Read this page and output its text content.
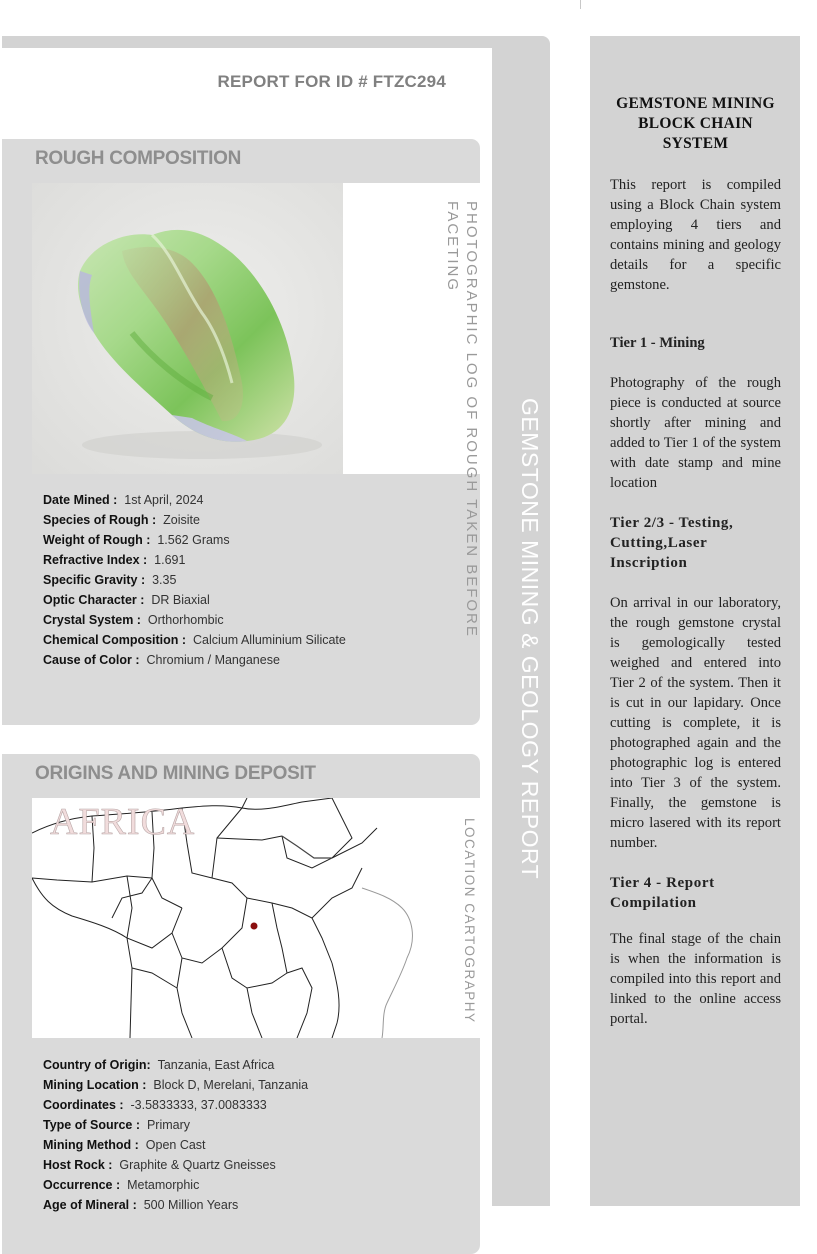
REPORT FOR ID # FTZC294
ROUGH COMPOSITION
PHOTOGRAPHIC LOG OF ROUGH TAKEN BEFORE FACETING
Date Mined : 1st April, 2024
Species of Rough : Zoisite
Weight of Rough : 1.562 Grams
Refractive Index : 1.691
Specific Gravity : 3.35
Optic Character : DR Biaxial
Crystal System : Orthorhombic
Chemical Composition : Calcium Alluminium Silicate
Cause of Color : Chromium / Manganese
ORIGINS AND MINING DEPOSIT
AFRICA	LOCATION CARTOGRAPHY
Country of Origin: Tanzania, East Africa
Mining Location : Block D, Merelani, Tanzania
Coordinates : -3.5833333, 37.0083333
Type of Source : Primary
Mining Method : Open Cast
Host Rock : Graphite & Quartz Gneisses
Occurrence : Metamorphic
Age of Mineral : 500 Million Years
GEMSTONE MINING & GEOLOGY REPORT
GEMSTONE MINING BLOCK CHAIN SYSTEM

This report is compiled using a Block Chain system employing 4 tiers and contains mining and geology details for a specific gemstone.

Tier 1 - Mining

Photography of the rough piece is conducted at source shortly after mining and added to Tier 1 of the system with date stamp and mine location

Tier 2/3 - Testing, Cutting,Laser Inscription

On arrival in our laboratory, the rough gemstone crystal is gemologically tested weighed and entered into Tier 2 of the system. Then it is cut in our lapidary. Once cutting is complete, it is photographed again and the photographic log is entered into Tier 3 of the system. Finally, the gemstone is micro lasered with its report number.

Tier 4 - Report Compilation

The final stage of the chain is when the information is compiled into this report and linked to the online access portal.
